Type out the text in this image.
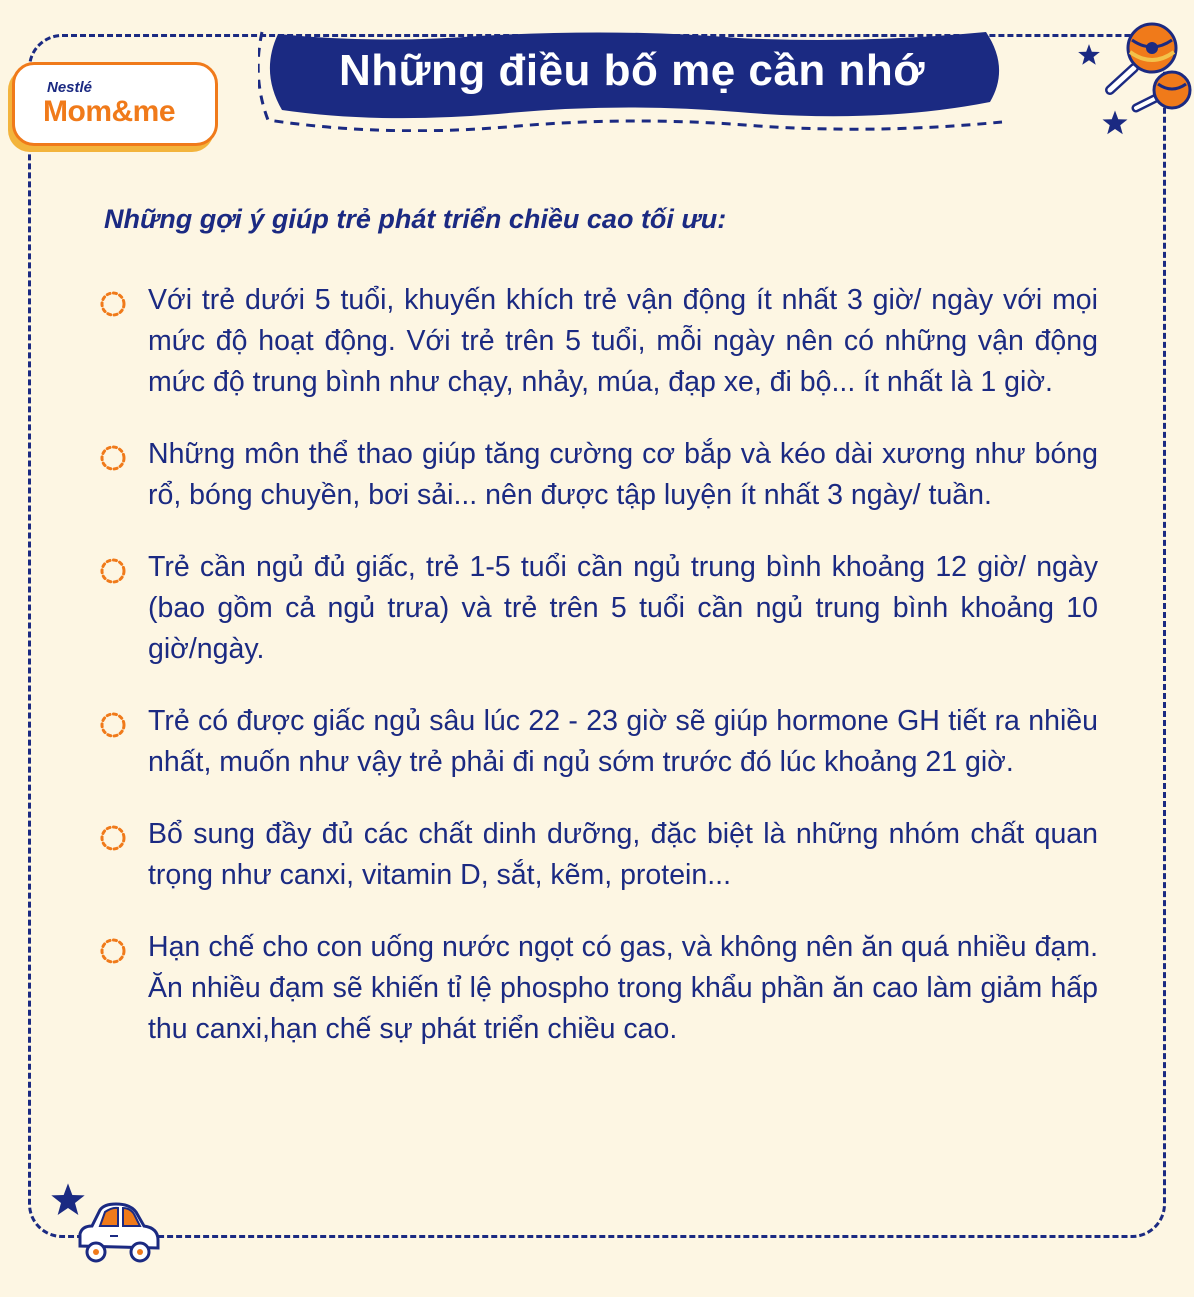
Những điều bố mẹ cần nhớ
Nestlé
Mom&me
Những gợi ý giúp trẻ phát triển chiều cao tối ưu:
Với trẻ dưới 5 tuổi, khuyến khích trẻ vận động ít nhất 3 giờ/ ngày với mọi mức độ hoạt động. Với trẻ trên 5 tuổi, mỗi ngày nên có những vận động mức độ trung bình như chạy, nhảy, múa, đạp xe, đi bộ... ít nhất là 1 giờ.
Những môn thể thao giúp tăng cường cơ bắp và kéo dài xương như bóng rổ, bóng chuyền, bơi sải... nên được tập luyện ít nhất 3 ngày/ tuần.
Trẻ cần ngủ đủ giấc, trẻ 1-5 tuổi cần ngủ trung bình khoảng 12 giờ/ ngày (bao gồm cả ngủ trưa) và trẻ trên 5 tuổi cần ngủ trung bình khoảng 10 giờ/ngày.
Trẻ có được giấc ngủ sâu lúc 22 - 23 giờ sẽ giúp hormone GH tiết ra nhiều nhất, muốn như vậy trẻ phải đi ngủ sớm trước đó lúc khoảng 21 giờ.
Bổ sung đầy đủ các chất dinh dưỡng, đặc biệt là những nhóm chất quan trọng như canxi, vitamin D, sắt, kẽm, protein...
Hạn chế cho con uống nước ngọt có gas, và không nên ăn quá nhiều đạm. Ăn nhiều đạm sẽ khiến tỉ lệ phospho trong khẩu phần ăn cao làm giảm hấp thu canxi,hạn chế sự phát triển chiều cao.
